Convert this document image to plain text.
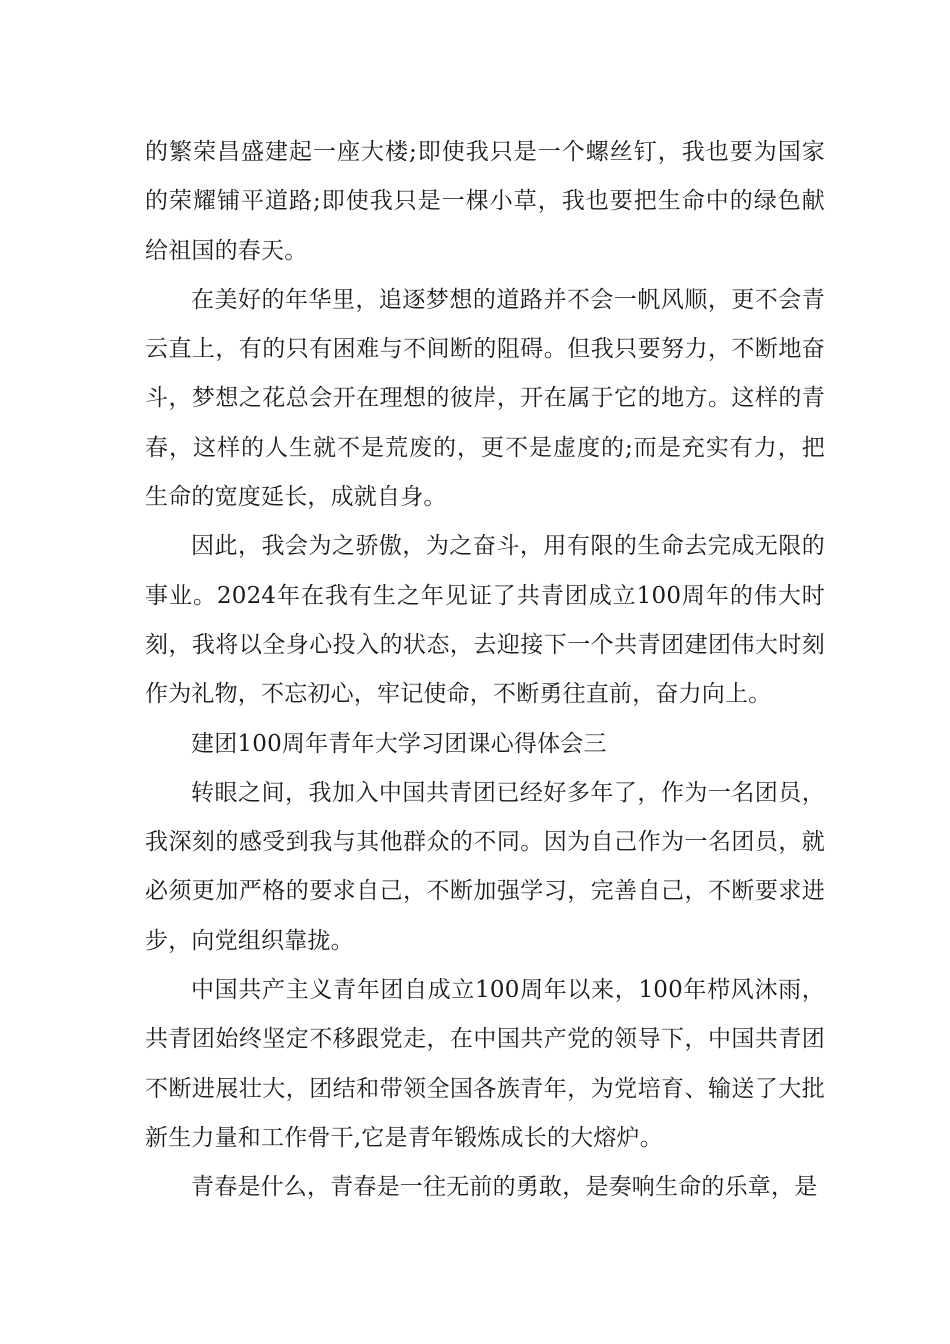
的繁荣昌盛建起一座大楼;即使我只是一个螺丝钉，我也要为国家的荣耀铺平道路;即使我只是一棵小草，我也要把生命中的绿色献给祖国的春天。

在美好的年华里，追逐梦想的道路并不会一帆风顺，更不会青云直上，有的只有困难与不间断的阻碍。但我只要努力，不断地奋斗，梦想之花总会开在理想的彼岸，开在属于它的地方。这样的青春，这样的人生就不是荒废的，更不是虚度的;而是充实有力，把生命的宽度延长，成就自身。

因此，我会为之骄傲，为之奋斗，用有限的生命去完成无限的事业。2024年在我有生之年见证了共青团成立100周年的伟大时刻，我将以全身心投入的状态，去迎接下一个共青团建团伟大时刻作为礼物，不忘初心，牢记使命，不断勇往直前，奋力向上。

建团100周年青年大学习团课心得体会三

转眼之间，我加入中国共青团已经好多年了，作为一名团员，我深刻的感受到我与其他群众的不同。因为自己作为一名团员，就必须更加严格的要求自己，不断加强学习，完善自己，不断要求进步，向党组织靠拢。

中国共产主义青年团自成立100周年以来，100年栉风沐雨，共青团始终坚定不移跟党走，在中国共产党的领导下，中国共青团不断进展壮大，团结和带领全国各族青年，为党培育、输送了大批新生力量和工作骨干,它是青年锻炼成长的大熔炉。

青春是什么，青春是一往无前的勇敢，是奏响生命的乐章，是
